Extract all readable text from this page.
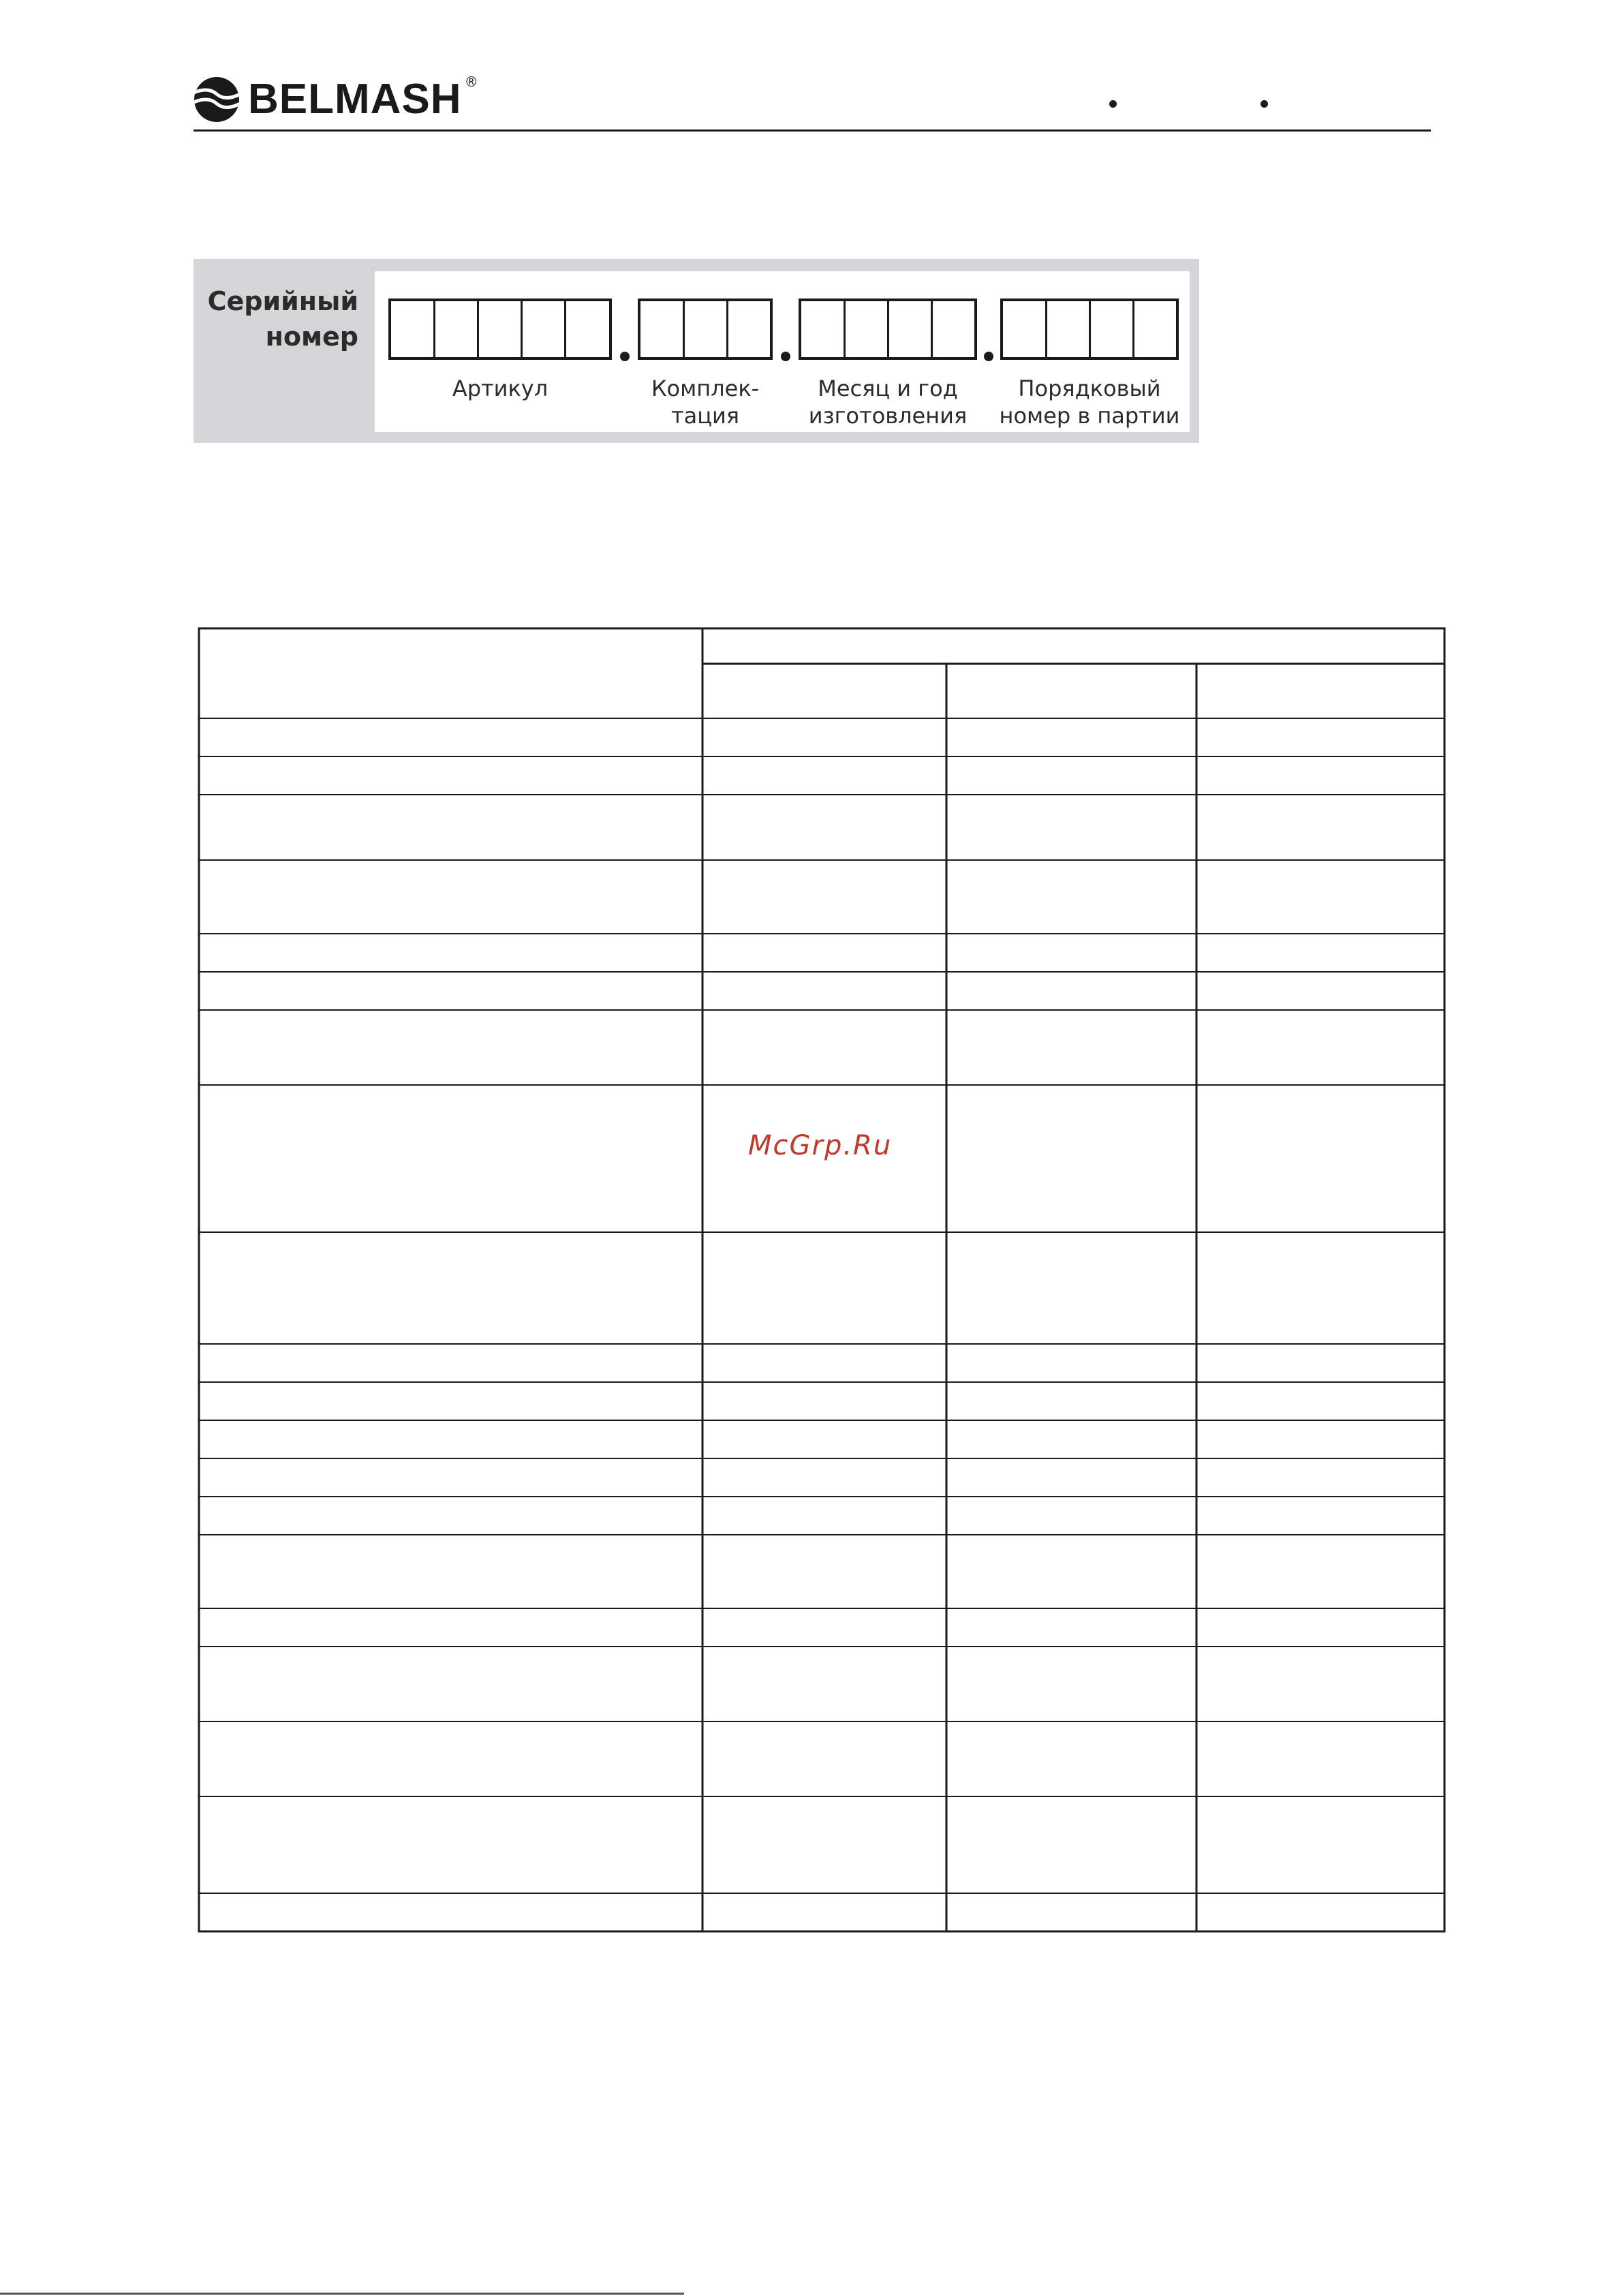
BELMASH ®
Серийный
номер
Артикул	Комплек-
тация
Месяц и год
изготовления
Порядковый
номер в партии
McGrp.Ru
